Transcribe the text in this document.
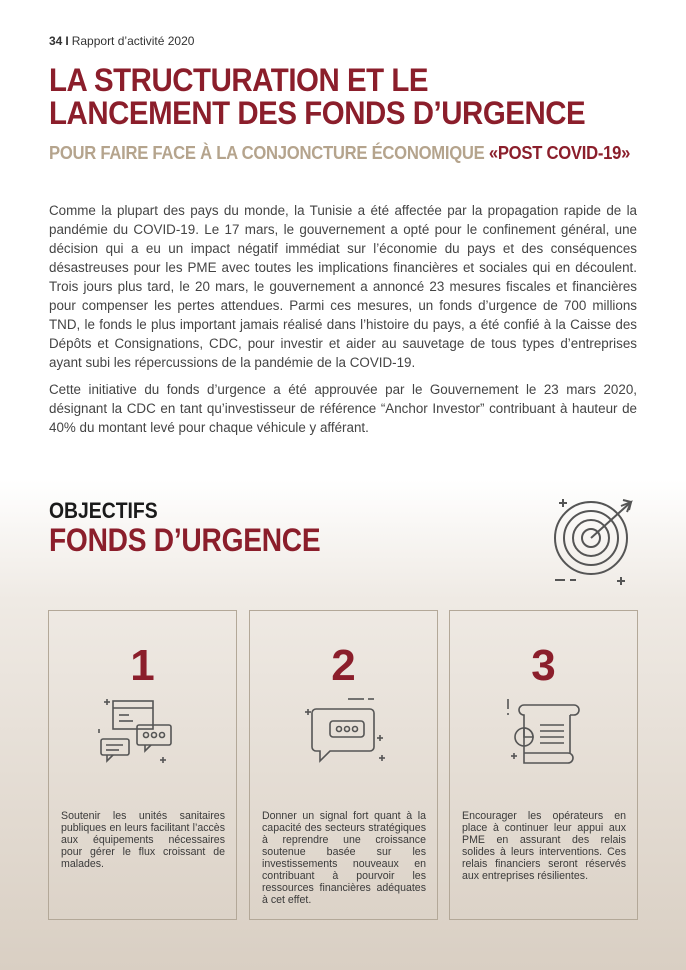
34 I Rapport d’activité 2020
LA STRUCTURATION ET LE
LANCEMENT DES FONDS D’URGENCE
POUR FAIRE FACE À LA CONJONCTURE ÉCONOMIQUE «POST COVID-19»

Comme la plupart des pays du monde, la Tunisie a été affectée par la propagation rapide de la pandémie du COVID-19. Le 17 mars, le gouvernement a opté pour le confinement général, une décision qui a eu un impact négatif immédiat sur l’économie du pays et des conséquences désastreuses pour les PME avec toutes les implications financières et sociales qui en découlent. Trois jours plus tard, le 20 mars, le gouvernement a annoncé 23 mesures fiscales et financières pour compenser les pertes attendues. Parmi ces mesures, un fonds d’urgence de 700 millions TND, le fonds le plus important jamais réalisé dans l’histoire du pays, a été confié à la Caisse des Dépôts et Consignations, CDC, pour investir et aider au sauvetage de tous types d’entreprises ayant subi les répercussions de la pandémie de la COVID-19.

Cette initiative du fonds d’urgence a été approuvée par le Gouvernement le 23 mars 2020, désignant la CDC en tant qu’investisseur de référence “Anchor Investor” contribuant à hauteur de 40% du montant levé pour chaque véhicule y afférant.

OBJECTIFS
FONDS D’URGENCE
1
Soutenir les unités sanitaires publiques en leurs facilitant l’accès aux équipements nécessaires pour gérer le flux croissant de malades.
2
Donner un signal fort quant à la capacité des secteurs stratégiques à reprendre une croissance soutenue basée sur les investissements nouveaux en contribuant à pourvoir les ressources financières adéquates à cet effet.
3
Encourager les opérateurs en place à continuer leur appui aux PME en assurant des relais solides à leurs interventions. Ces relais financiers seront réservés aux entreprises résilientes.
